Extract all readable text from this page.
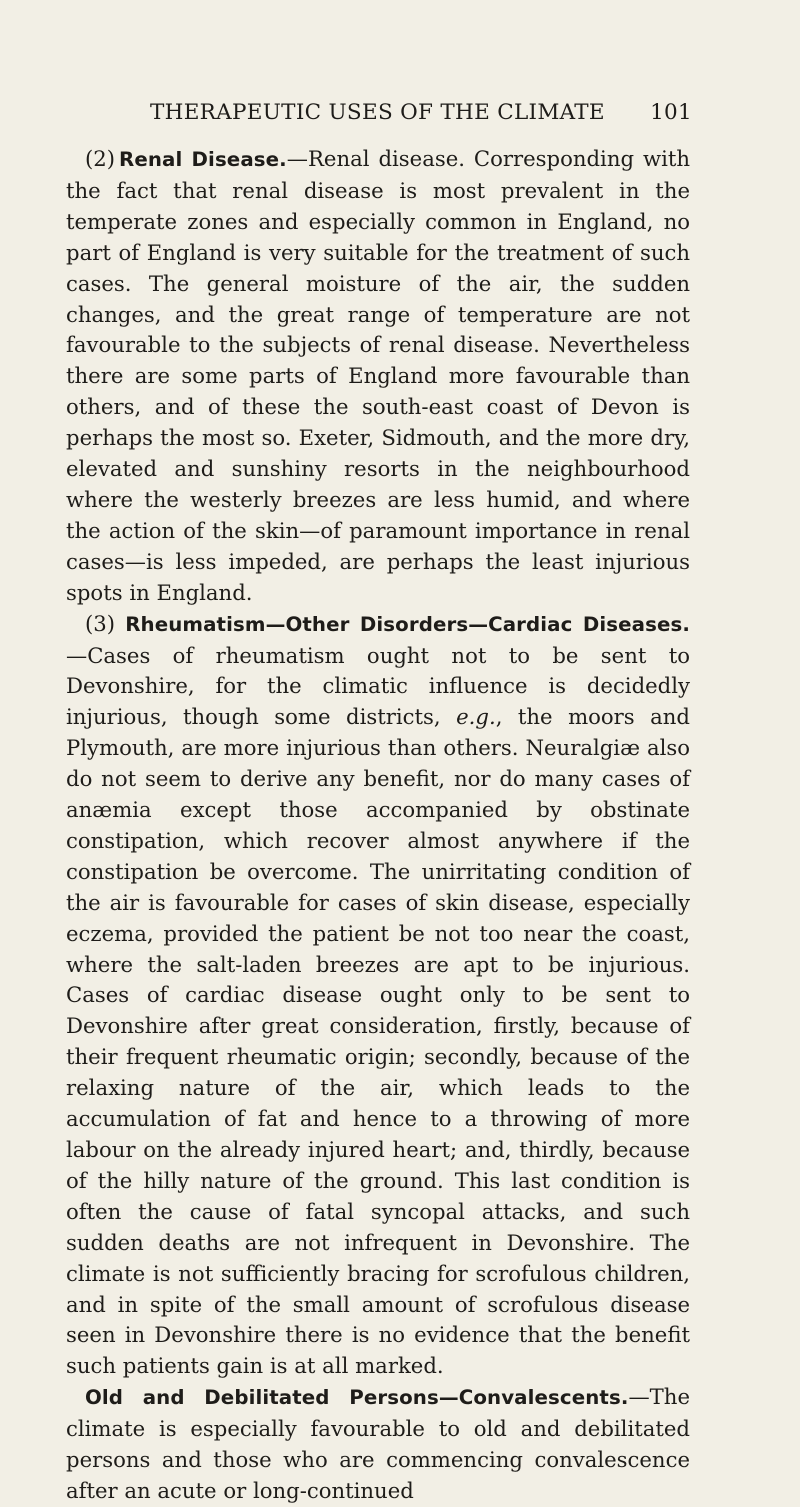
THERAPEUTIC USES OF THE CLIMATE 101

(2) Renal Disease.—Renal disease. Corresponding with the fact that renal disease is most prevalent in the temperate zones and especially common in England, no part of England is very suitable for the treatment of such cases. The general moisture of the air, the sudden changes, and the great range of temperature are not favourable to the subjects of renal disease. Nevertheless there are some parts of England more favourable than others, and of these the south-east coast of Devon is perhaps the most so. Exeter, Sidmouth, and the more dry, elevated and sunshiny resorts in the neighbourhood where the westerly breezes are less humid, and where the action of the skin—of paramount importance in renal cases—is less impeded, are perhaps the least injurious spots in England.

(3) Rheumatism—Other Disorders—Cardiac Diseases.—Cases of rheumatism ought not to be sent to Devonshire, for the climatic influence is decidedly injurious, though some districts, e.g., the moors and Plymouth, are more injurious than others. Neuralgiæ also do not seem to derive any benefit, nor do many cases of anæmia except those accompanied by obstinate constipation, which recover almost anywhere if the constipation be overcome. The unirritating condition of the air is favourable for cases of skin disease, especially eczema, provided the patient be not too near the coast, where the salt-laden breezes are apt to be injurious. Cases of cardiac disease ought only to be sent to Devonshire after great consideration, firstly, because of their frequent rheumatic origin; secondly, because of the relaxing nature of the air, which leads to the accumulation of fat and hence to a throwing of more labour on the already injured heart; and, thirdly, because of the hilly nature of the ground. This last condition is often the cause of fatal syncopal attacks, and such sudden deaths are not infrequent in Devonshire. The climate is not sufficiently bracing for scrofulous children, and in spite of the small amount of scrofulous disease seen in Devonshire there is no evidence that the benefit such patients gain is at all marked.

Old and Debilitated Persons—Convalescents.—The climate is especially favourable to old and debilitated persons and those who are commencing convalescence after an acute or long-continued
